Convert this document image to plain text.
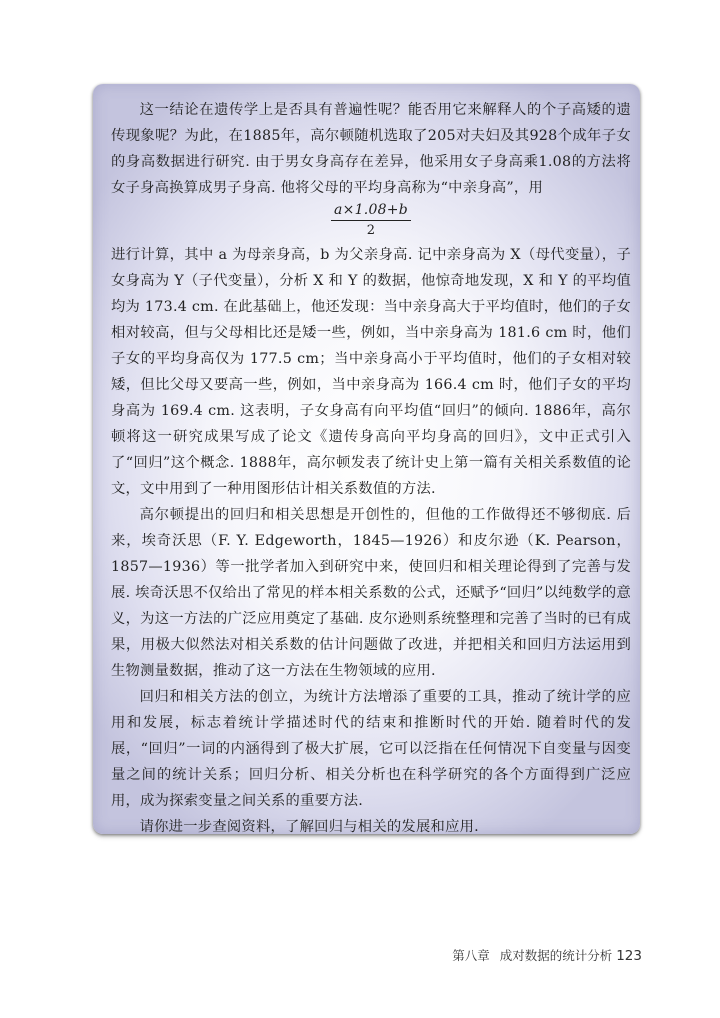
这一结论在遗传学上是否具有普遍性呢？能否用它来解释人的个子高矮的遗传现象呢？为此，在1885年，高尔顿随机选取了205对夫妇及其928个成年子女的身高数据进行研究. 由于男女身高存在差异，他采用女子身高乘1.08的方法将女子身高换算成男子身高. 他将父母的平均身高称为“中亲身高”，用

a×1.08+b
2

进行计算，其中 a 为母亲身高，b 为父亲身高. 记中亲身高为 X（母代变量），子女身高为 Y（子代变量），分析 X 和 Y 的数据，他惊奇地发现，X 和 Y 的平均值均为 173.4 cm. 在此基础上，他还发现：当中亲身高大于平均值时，他们的子女相对较高，但与父母相比还是矮一些，例如，当中亲身高为 181.6 cm 时，他们子女的平均身高仅为 177.5 cm；当中亲身高小于平均值时，他们的子女相对较矮，但比父母又要高一些，例如，当中亲身高为 166.4 cm 时，他们子女的平均身高为 169.4 cm. 这表明，子女身高有向平均值“回归”的倾向. 1886年，高尔顿将这一研究成果写成了论文《遗传身高向平均身高的回归》，文中正式引入了“回归”这个概念. 1888年，高尔顿发表了统计史上第一篇有关相关系数值的论文，文中用到了一种用图形估计相关系数值的方法.

高尔顿提出的回归和相关思想是开创性的，但他的工作做得还不够彻底. 后来，埃奇沃思（F. Y. Edgeworth，1845—1926）和皮尔逊（K. Pearson，1857—1936）等一批学者加入到研究中来，使回归和相关理论得到了完善与发展. 埃奇沃思不仅给出了常见的样本相关系数的公式，还赋予“回归”以纯数学的意义，为这一方法的广泛应用奠定了基础. 皮尔逊则系统整理和完善了当时的已有成果，用极大似然法对相关系数的估计问题做了改进，并把相关和回归方法运用到生物测量数据，推动了这一方法在生物领域的应用.

回归和相关方法的创立，为统计方法增添了重要的工具，推动了统计学的应用和发展，标志着统计学描述时代的结束和推断时代的开始. 随着时代的发展，“回归”一词的内涵得到了极大扩展，它可以泛指在任何情况下自变量与因变量之间的统计关系；回归分析、相关分析也在科学研究的各个方面得到广泛应用，成为探索变量之间关系的重要方法.

请你进一步查阅资料，了解回归与相关的发展和应用.

第八章 成对数据的统计分析 123
